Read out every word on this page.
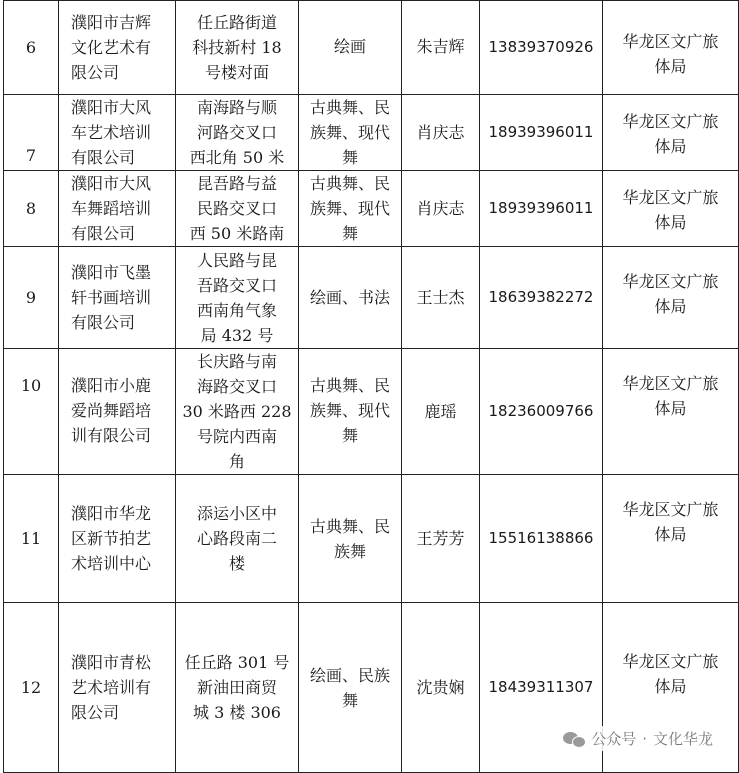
6	濮阳市吉辉
文化艺术有
限公司	任丘路街道
科技新村 18
号楼对面	绘画	朱吉辉	13839370926	华龙区文广旅
体局
7	濮阳市大风
车艺术培训
有限公司	南海路与顺
河路交叉口
西北角 50 米	古典舞、民
族舞、现代
舞	肖庆志	18939396011	华龙区文广旅
体局
8	濮阳市大风
车舞蹈培训
有限公司	昆吾路与益
民路交叉口
西 50 米路南	古典舞、民
族舞、现代
舞	肖庆志	18939396011	华龙区文广旅
体局
9	濮阳市飞墨
轩书画培训
有限公司	人民路与昆
吾路交叉口
西南角气象
局 432 号	绘画、书法	王士杰	18639382272	华龙区文广旅
体局
10	濮阳市小鹿
爱尚舞蹈培
训有限公司	长庆路与南
海路交叉口
30 米路西 228
号院内西南
角	古典舞、民
族舞、现代
舞	鹿瑶	18236009766	华龙区文广旅
体局
11	濮阳市华龙
区新节拍艺
术培训中心	添运小区中
心路段南二
楼	古典舞、民
族舞	王芳芳	15516138866	华龙区文广旅
体局
12	濮阳市青松
艺术培训有
限公司	任丘路 301 号
新油田商贸
城 3 楼 306	绘画、民族
舞	沈贵娴	18439311307	华龙区文广旅
体局
公众号 · 文化华龙
